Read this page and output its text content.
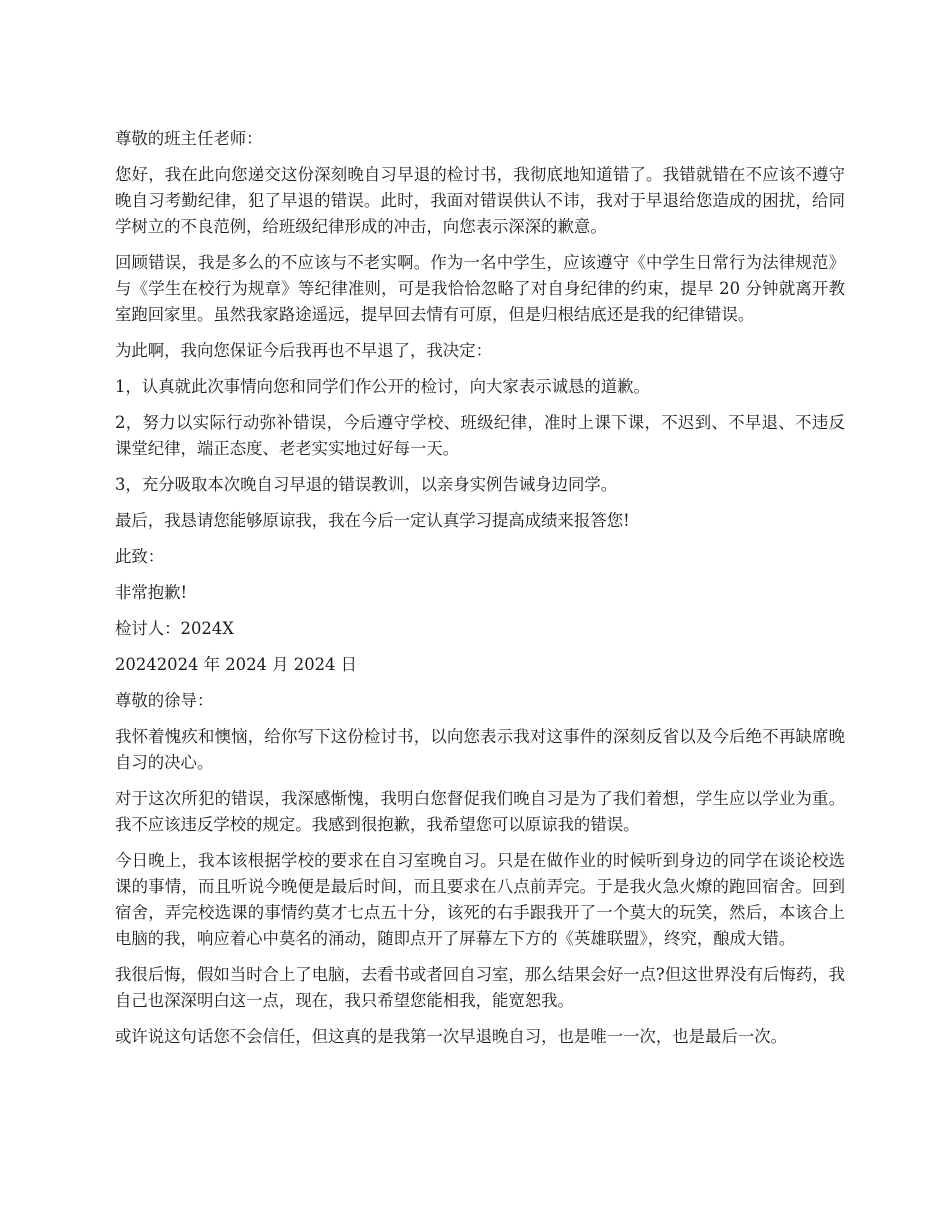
尊敬的班主任老师：

您好，我在此向您递交这份深刻晚自习早退的检讨书，我彻底地知道错了。我错就错在不应该不遵守晚自习考勤纪律，犯了早退的错误。此时，我面对错误供认不讳，我对于早退给您造成的困扰，给同学树立的不良范例，给班级纪律形成的冲击，向您表示深深的歉意。

回顾错误，我是多么的不应该与不老实啊。作为一名中学生，应该遵守《中学生日常行为法律规范》与《学生在校行为规章》等纪律准则，可是我恰恰忽略了对自身纪律的约束，提早 20 分钟就离开教室跑回家里。虽然我家路途遥远，提早回去情有可原，但是归根结底还是我的纪律错误。

为此啊，我向您保证今后我再也不早退了，我决定：

1，认真就此次事情向您和同学们作公开的检讨，向大家表示诚恳的道歉。

2，努力以实际行动弥补错误，今后遵守学校、班级纪律，准时上课下课，不迟到、不早退、不违反课堂纪律，端正态度、老老实实地过好每一天。

3，充分吸取本次晚自习早退的错误教训，以亲身实例告诫身边同学。

最后，我恳请您能够原谅我，我在今后一定认真学习提高成绩来报答您!

此致：

非常抱歉!

检讨人：2024X

20242024 年 2024 月 2024 日

尊敬的徐导：

我怀着愧疚和懊恼，给你写下这份检讨书，以向您表示我对这事件的深刻反省以及今后绝不再缺席晚自习的决心。

对于这次所犯的错误，我深感惭愧，我明白您督促我们晚自习是为了我们着想，学生应以学业为重。我不应该违反学校的规定。我感到很抱歉，我希望您可以原谅我的错误。

今日晚上，我本该根据学校的要求在自习室晚自习。只是在做作业的时候听到身边的同学在谈论校选课的事情，而且听说今晚便是最后时间，而且要求在八点前弄完。于是我火急火燎的跑回宿舍。回到宿舍，弄完校选课的事情约莫才七点五十分，该死的右手跟我开了一个莫大的玩笑，然后，本该合上电脑的我，响应着心中莫名的涌动，随即点开了屏幕左下方的《英雄联盟》，终究，酿成大错。

我很后悔，假如当时合上了电脑，去看书或者回自习室，那么结果会好一点?但这世界没有后悔药，我自己也深深明白这一点，现在，我只希望您能相我，能宽恕我。

或许说这句话您不会信任，但这真的是我第一次早退晚自习，也是唯一一次，也是最后一次。
